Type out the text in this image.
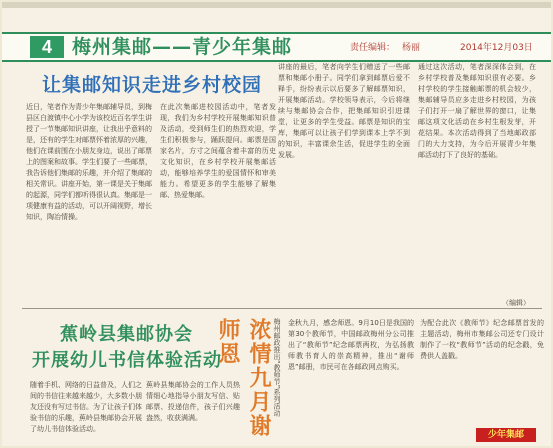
4	梅州集邮——青少年集邮	责任编辑： 杨丽	2014年12月03日
让集邮知识走进乡村校园
近日，笔者作为青少年集邮辅导员，到梅县区白渡镇中心小学为该校近百名学生讲授了一节集邮知识讲座，让我出乎意料的是，还有的学生对邮票怀着浓厚的兴趣，他们在课前围在小朋友身边，说出了邮票上的图案和故事。学生们要了一些邮票，我告诉他们集邮的乐趣，并介绍了集邮的相关常识。讲座开始，第一课是关于集邮的起源，同学们都听得很认真。集邮是一项健康有益的活动，可以开阔视野，增长知识，陶冶情操。
在此次集邮进校园活动中，笔者发现，我们为乡村学校开展集邮知识普及活动，受到师生们的热烈欢迎，学生们积极参与，踊跃提问。邮票是国家名片，方寸之间蕴含着丰富的历史文化知识，在乡村学校开展集邮活动，能够培养学生的爱国情怀和审美能力。希望更多的学生能够了解集邮、热爱集邮。
讲座的最后，笔者向学生们赠送了一些邮票和集邮小册子。同学们拿到邮票后爱不释手，纷纷表示以后要多了解邮票知识，开展集邮活动。学校领导表示，今后将继续与集邮协会合作，把集邮知识引进课堂，让更多的学生受益。邮票是知识的宝库，集邮可以让孩子们学到课本上学不到的知识，丰富课余生活，促进学生的全面发展。
通过这次活动，笔者深深体会到，在乡村学校普及集邮知识很有必要。乡村学校的学生接触邮票的机会较少，集邮辅导员应多走进乡村校园，为孩子们打开一扇了解世界的窗口，让集邮这项文化活动在乡村生根发芽，开花结果。本次活动得到了当地邮政部门的大力支持，为今后开展青少年集邮活动打下了良好的基础。
（编辑）
蕉岭县集邮协会
开展幼儿书信体验活动
随着手机、网络的日益普及，人们之间的书信往来越来越少，大多数小朋友还没有写过书信。为了让孩子们体验书信的乐趣，蕉岭县集邮协会开展了幼儿书信体验活动。
蕉岭县集邮协会的工作人员热情细心地指导小朋友写信、贴邮票、投递信件，孩子们兴趣盎然，收获满满。	浓情九月谢师恩	梅州邮政推出“教师节”系列活动 金秋九月，感念师恩。9月10日是我国的第30个教师节，中国邮政梅州分公司推出了“教师节”纪念邮票两枚，为弘扬教师教书育人的崇高精神，推出“谢师恩”邮册，市民可在各邮政网点购买。
为配合此次《教师节》纪念邮票首发的主题活动，梅州市集邮公司还专门设计制作了一枚“教师节”活动的纪念戳，免费供人盖戳。
少年集邮
